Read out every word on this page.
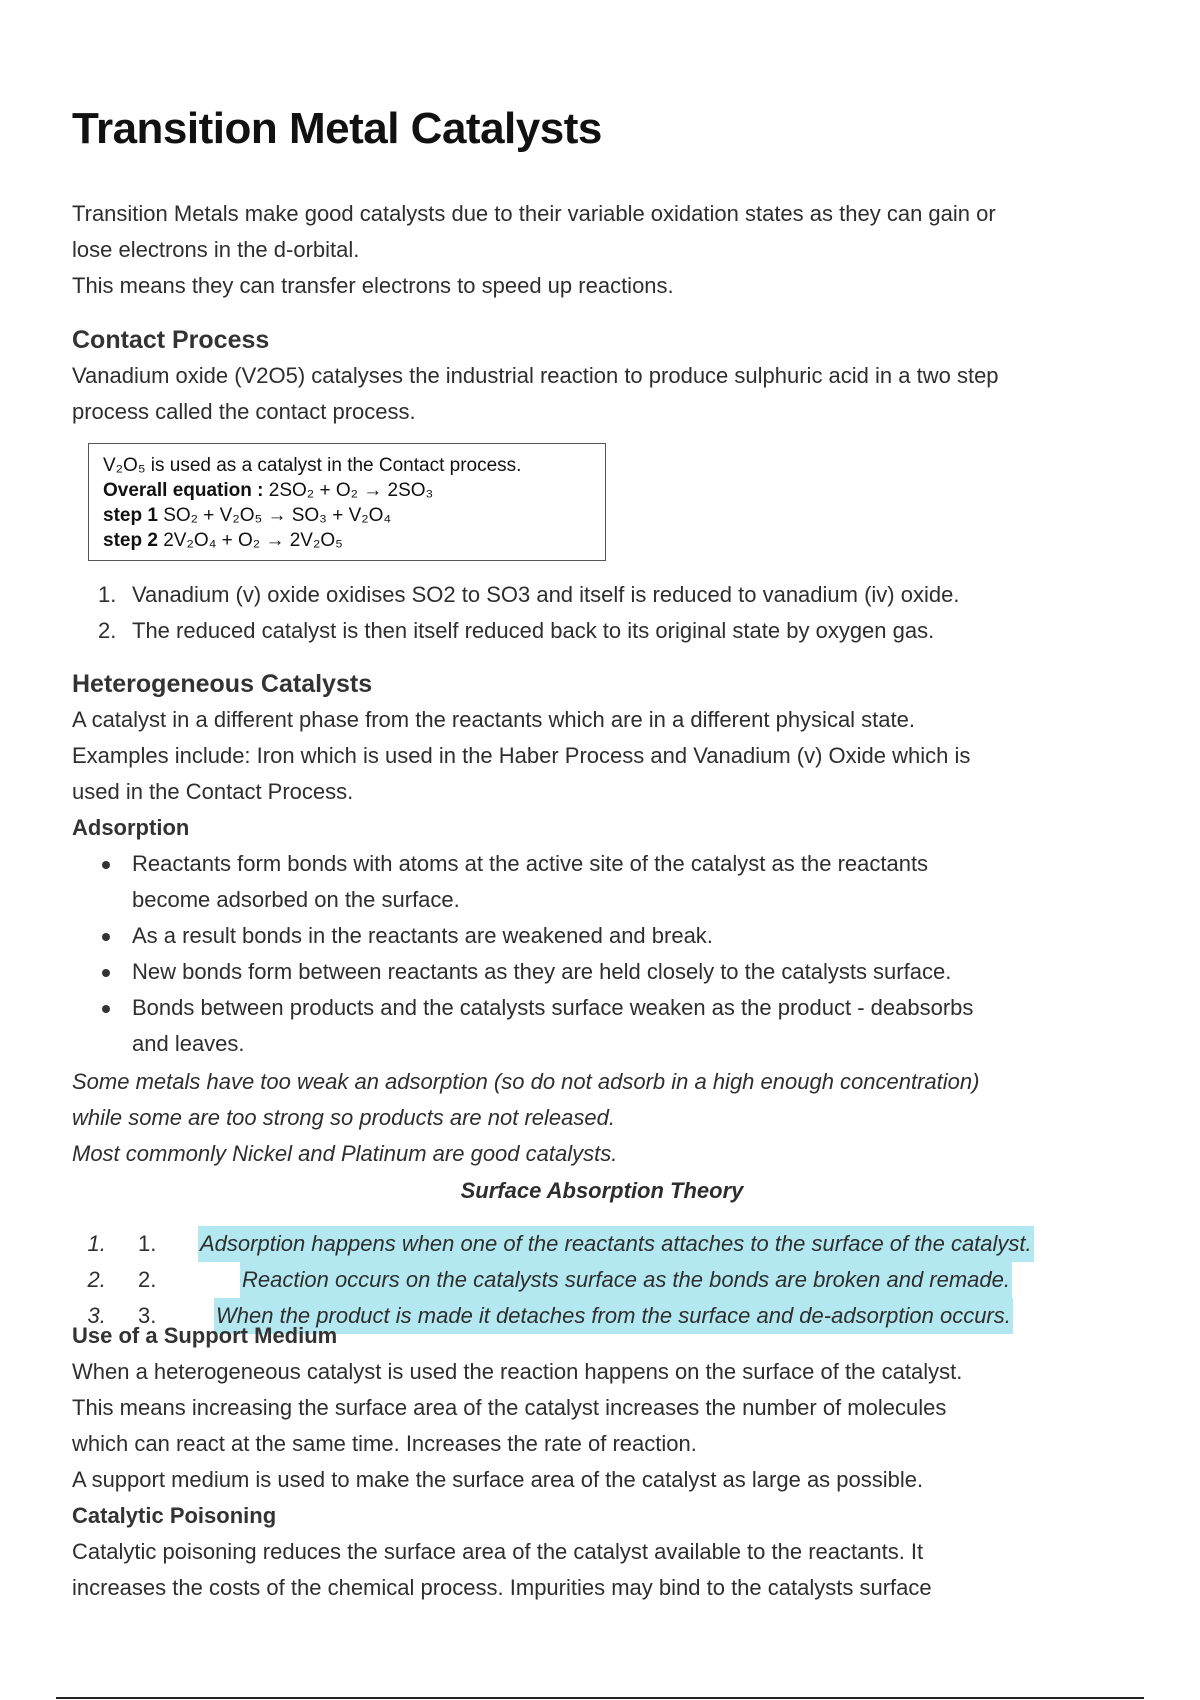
Transition Metal Catalysts

Transition Metals make good catalysts due to their variable oxidation states as they can gain or

lose electrons in the d-orbital.

This means they can transfer electrons to speed up reactions.

Contact Process

Vanadium oxide (V2O5) catalyses the industrial reaction to produce sulphuric acid in a two step

process called the contact process.

V₂O₅ is used as a catalyst in the Contact process.
Overall equation : 2SO₂ + O₂ → 2SO₃
step 1 SO₂ + V₂O₅ → SO₃ + V₂O₄
step 2 2V₂O₄ + O₂ → 2V₂O₅
1. Vanadium (v) oxide oxidises SO2 to SO3 and itself is reduced to vanadium (iv) oxide.
2. The reduced catalyst is then itself reduced back to its original state by oxygen gas.
Heterogeneous Catalysts

A catalyst in a different phase from the reactants which are in a different physical state.

Examples include: Iron which is used in the Haber Process and Vanadium (v) Oxide which is

used in the Contact Process.

Adsorption
Reactants form bonds with atoms at the active site of the catalyst as the reactants
become adsorbed on the surface.
As a result bonds in the reactants are weakened and break.
New bonds form between reactants as they are held closely to the catalysts surface.
Bonds between products and the catalysts surface weaken as the product - deabsorbs
and leaves.

Some metals have too weak an adsorption (so do not adsorb in a high enough concentration)

while some are too strong so products are not released.

Most commonly Nickel and Platinum are good catalysts.

Surface Absorption Theory
1. 1. Adsorption happens when one of the reactants attaches to the surface of the catalyst.
2. 2.	Reaction occurs on the catalysts surface as the bonds are broken and remade.
3. 3.	When the product is made it detaches from the surface and de-adsorption occurs.
Use of a Support Medium

When a heterogeneous catalyst is used the reaction happens on the surface of the catalyst.

This means increasing the surface area of the catalyst increases the number of molecules

which can react at the same time. Increases the rate of reaction.

A support medium is used to make the surface area of the catalyst as large as possible.

Catalytic Poisoning

Catalytic poisoning reduces the surface area of the catalyst available to the reactants. It

increases the costs of the chemical process. Impurities may bind to the catalysts surface
